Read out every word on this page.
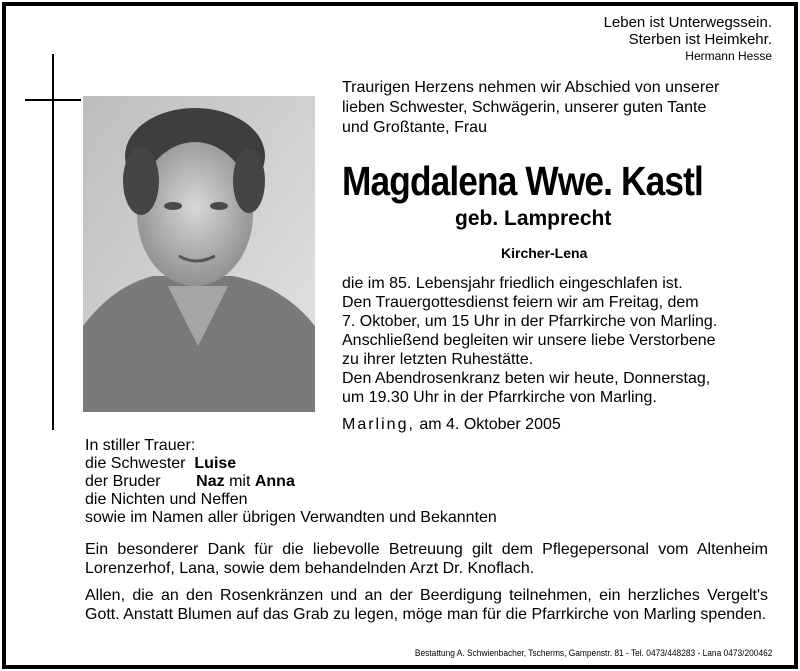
Leben ist Unterwegssein.
Sterben ist Heimkehr.
Hermann Hesse
Traurigen Herzens nehmen wir Abschied von unserer
lieben Schwester, Schwägerin, unserer guten Tante
und Großtante, Frau
Magdalena Wwe. Kastl
geb. Lamprecht
Kircher-Lena
die im 85. Lebensjahr friedlich eingeschlafen ist.
Den Trauergottesdienst feiern wir am Freitag, dem
7. Oktober, um 15 Uhr in der Pfarrkirche von Marling.
Anschließend begleiten wir unsere liebe Verstorbene
zu ihrer letzten Ruhestätte.
Den Abendrosenkranz beten wir heute, Donnerstag,
um 19.30 Uhr in der Pfarrkirche von Marling.
Marling, am 4. Oktober 2005
In stiller Trauer:
die Schwester Luise
der Bruder Naz mit Anna
die Nichten und Neffen
sowie im Namen aller übrigen Verwandten und Bekannten

Ein besonderer Dank für die liebevolle Betreuung gilt dem Pflegepersonal vom Altenheim Lorenzerhof, Lana, sowie dem behandelnden Arzt Dr. Knoflach.

Allen, die an den Rosenkränzen und an der Beerdigung teilnehmen, ein herzliches Vergelt's Gott. Anstatt Blumen auf das Grab zu legen, möge man für die Pfarrkirche von Marling spenden.

Bestattung A. Schwienbacher, Tscherms, Gampenstr. 81 - Tel. 0473/448283 - Lana 0473/200462
